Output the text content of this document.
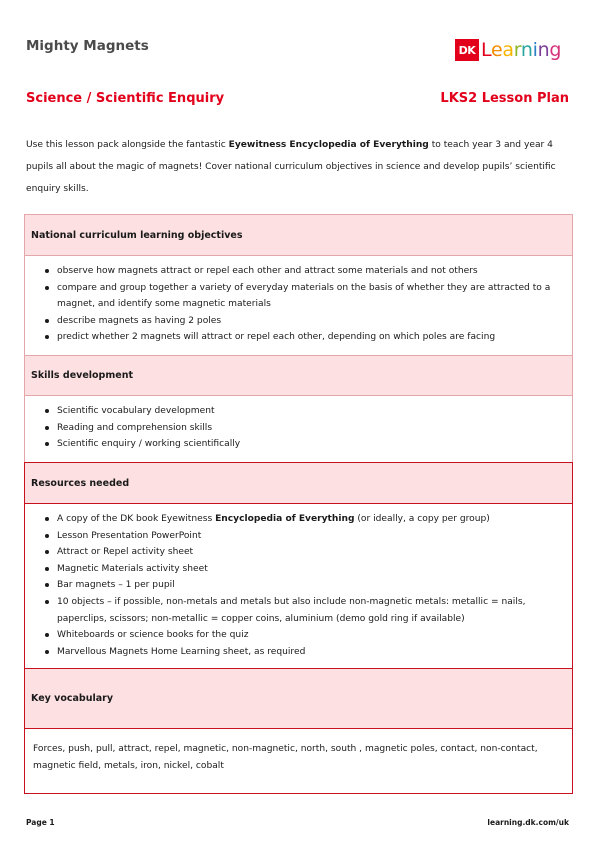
Mighty Magnets	DK Learning
Science / Scientific Enquiry	LKS2 Lesson Plan

Use this lesson pack alongside the fantastic Eyewitness Encyclopedia of Everything to teach year 3 and year 4 pupils all about the magic of magnets! Cover national curriculum objectives in science and develop pupils’ scientific enquiry skills.

National curriculum learning objectives
observe how magnets attract or repel each other and attract some materials and not others
compare and group together a variety of everyday materials on the basis of whether they are attracted to a magnet, and identify some magnetic materials
describe magnets as having 2 poles
predict whether 2 magnets will attract or repel each other, depending on which poles are facing
Skills development
Scientific vocabulary development
Reading and comprehension skills
Scientific enquiry / working scientifically
Resources needed
A copy of the DK book Eyewitness Encyclopedia of Everything (or ideally, a copy per group)
Lesson Presentation PowerPoint
Attract or Repel activity sheet
Magnetic Materials activity sheet
Bar magnets – 1 per pupil
10 objects – if possible, non-metals and metals but also include non-magnetic metals: metallic = nails, paperclips, scissors; non-metallic = copper coins, aluminium (demo gold ring if available)
Whiteboards or science books for the quiz
Marvellous Magnets Home Learning sheet, as required
Key vocabulary

Forces, push, pull, attract, repel, magnetic, non-magnetic, north, south , magnetic poles, contact, non-contact, magnetic field, metals, iron, nickel, cobalt

Page 1	learning.dk.com/uk
